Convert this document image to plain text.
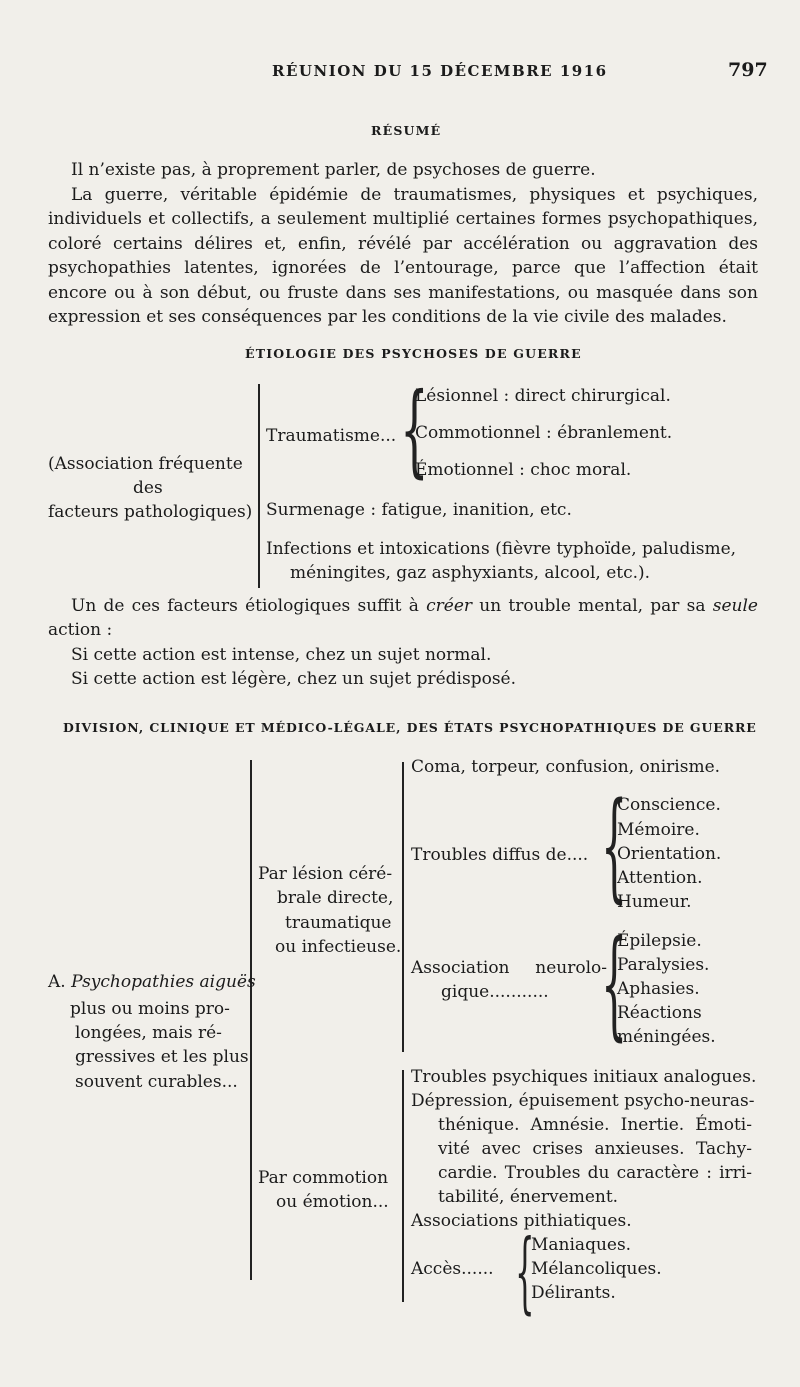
RÉUNION DU 15 DÉCEMBRE 1916	797
RÉSUMÉ

Il n’existe pas, à proprement parler, de psychoses de guerre.

La guerre, véritable épidémie de traumatismes, physiques et psychiques, individuels et collectifs, a seulement multiplié certaines formes psychopathiques, coloré certains délires et, enfin, révélé par accélération ou aggravation des psychopathies latentes, ignorées de l’entourage, parce que l’affection était encore ou à son début, ou fruste dans ses manifestations, ou masquée dans son expression et ses conséquences par les conditions de la vie civile des malades.

ÉTIOLOGIE DES PSYCHOSES DE GUERRE
(Association fréquente
des
facteurs pathologiques)
Traumatisme... {
Lésionnel : direct chirurgical.
Commotionnel : ébranlement.
Émotionnel : choc moral.
Surmenage : fatigue, inanition, etc.
Infections et intoxications (fièvre typhoïde, paludisme,
méningites, gaz asphyxiants, alcool, etc.).
Un de ces facteurs étiologiques suffit à créer un trouble mental, par sa seule
action :
Si cette action est intense, chez un sujet normal.
Si cette action est légère, chez un sujet prédisposé.
DIVISION, CLINIQUE ET MÉDICO-LÉGALE, DES ÉTATS PSYCHOPATHIQUES DE GUERRE
A. Psychopathies aiguës
plus ou moins pro-
longées, mais ré-
gressives et les plus
souvent curables...
Par lésion céré-
brale directe,
traumatique
ou infectieuse.
Coma, torpeur, confusion, onirisme.
Troubles diffus de.... {
Conscience.
Mémoire.
Orientation.
Attention.
Humeur.
Association neurolo-
gique........... {
Épilepsie.
Paralysies.
Aphasies.
Réactions
méningées.
Par commotion
ou émotion...
Troubles psychiques initiaux analogues.
Dépression, épuisement psycho-neuras-
thénique. Amnésie. Inertie. Émoti-
vité avec crises anxieuses. Tachy-
cardie. Troubles du caractère : irri-
tabilité, énervement.
Associations pithiatiques.
Accès...... {
Maniaques.
Mélancoliques.
Délirants.
